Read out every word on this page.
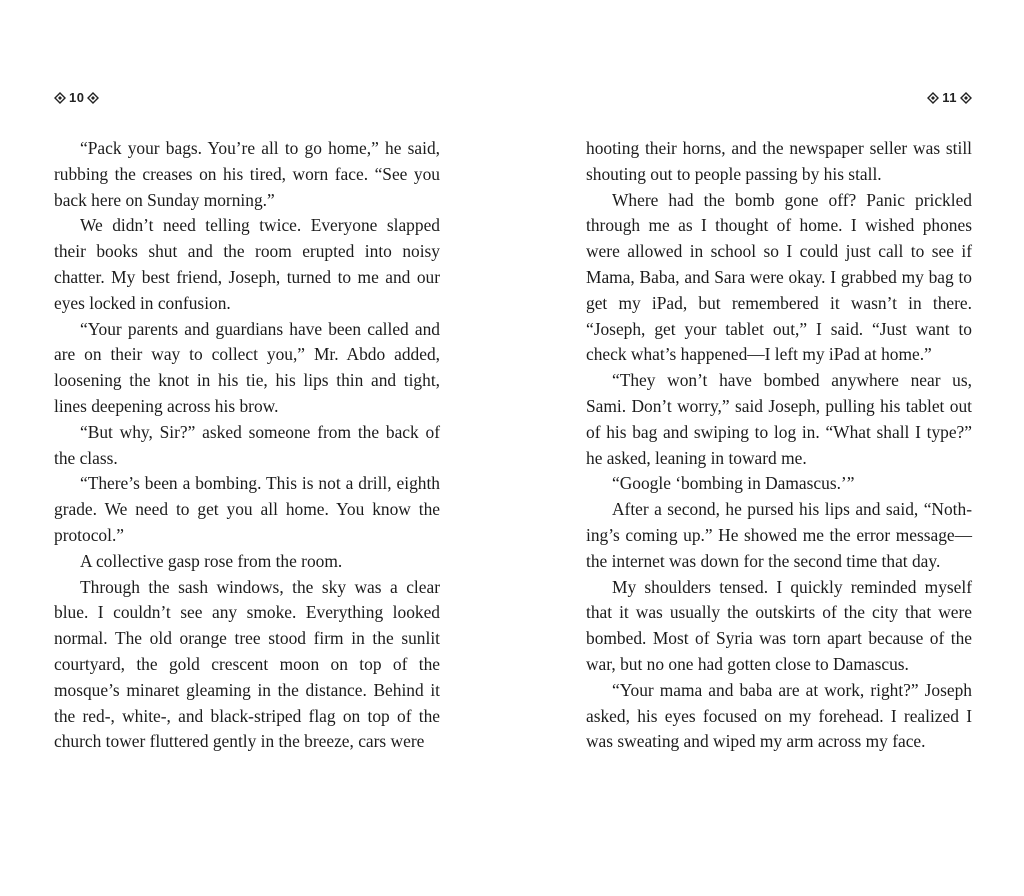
10

“Pack your bags. You’re all to go home,” he said, rubbing the creases on his tired, worn face. “See you back here on Sunday morning.”

We didn’t need telling twice. Everyone slapped their books shut and the room erupted into noisy chatter. My best friend, Joseph, turned to me and our eyes locked in confusion.

“Your parents and guardians have been called and are on their way to collect you,” Mr. Abdo added, loosening the knot in his tie, his lips thin and tight, lines deepening across his brow.

“But why, Sir?” asked someone from the back of the class.

“There’s been a bombing. This is not a drill, eighth grade. We need to get you all home. You know the protocol.”

A collective gasp rose from the room.

Through the sash windows, the sky was a clear blue. I couldn’t see any smoke. Everything looked normal. The old orange tree stood firm in the sunlit courtyard, the gold crescent moon on top of the mosque’s minaret gleaming in the distance. Behind it the red-, white-, and black-striped flag on top of the church tower fluttered gently in the breeze, cars were

11

hooting their horns, and the newspaper seller was still shouting out to people passing by his stall.

Where had the bomb gone off? Panic prickled through me as I thought of home. I wished phones were allowed in school so I could just call to see if Mama, Baba, and Sara were okay. I grabbed my bag to get my iPad, but remembered it wasn’t in there. “Joseph, get your tablet out,” I said. “Just want to check what’s happened—I left my iPad at home.”

“They won’t have bombed anywhere near us, Sami. Don’t worry,” said Joseph, pulling his tablet out of his bag and swiping to log in. “What shall I type?” he asked, leaning in toward me.

“Google ‘bombing in Damascus.’”

After a second, he pursed his lips and said, “Nothing’s coming up.” He showed me the error message— the internet was down for the second time that day.

My shoulders tensed. I quickly reminded myself that it was usually the outskirts of the city that were bombed. Most of Syria was torn apart because of the war, but no one had gotten close to Damascus.

“Your mama and baba are at work, right?” Joseph asked, his eyes focused on my forehead. I realized I was sweating and wiped my arm across my face.
